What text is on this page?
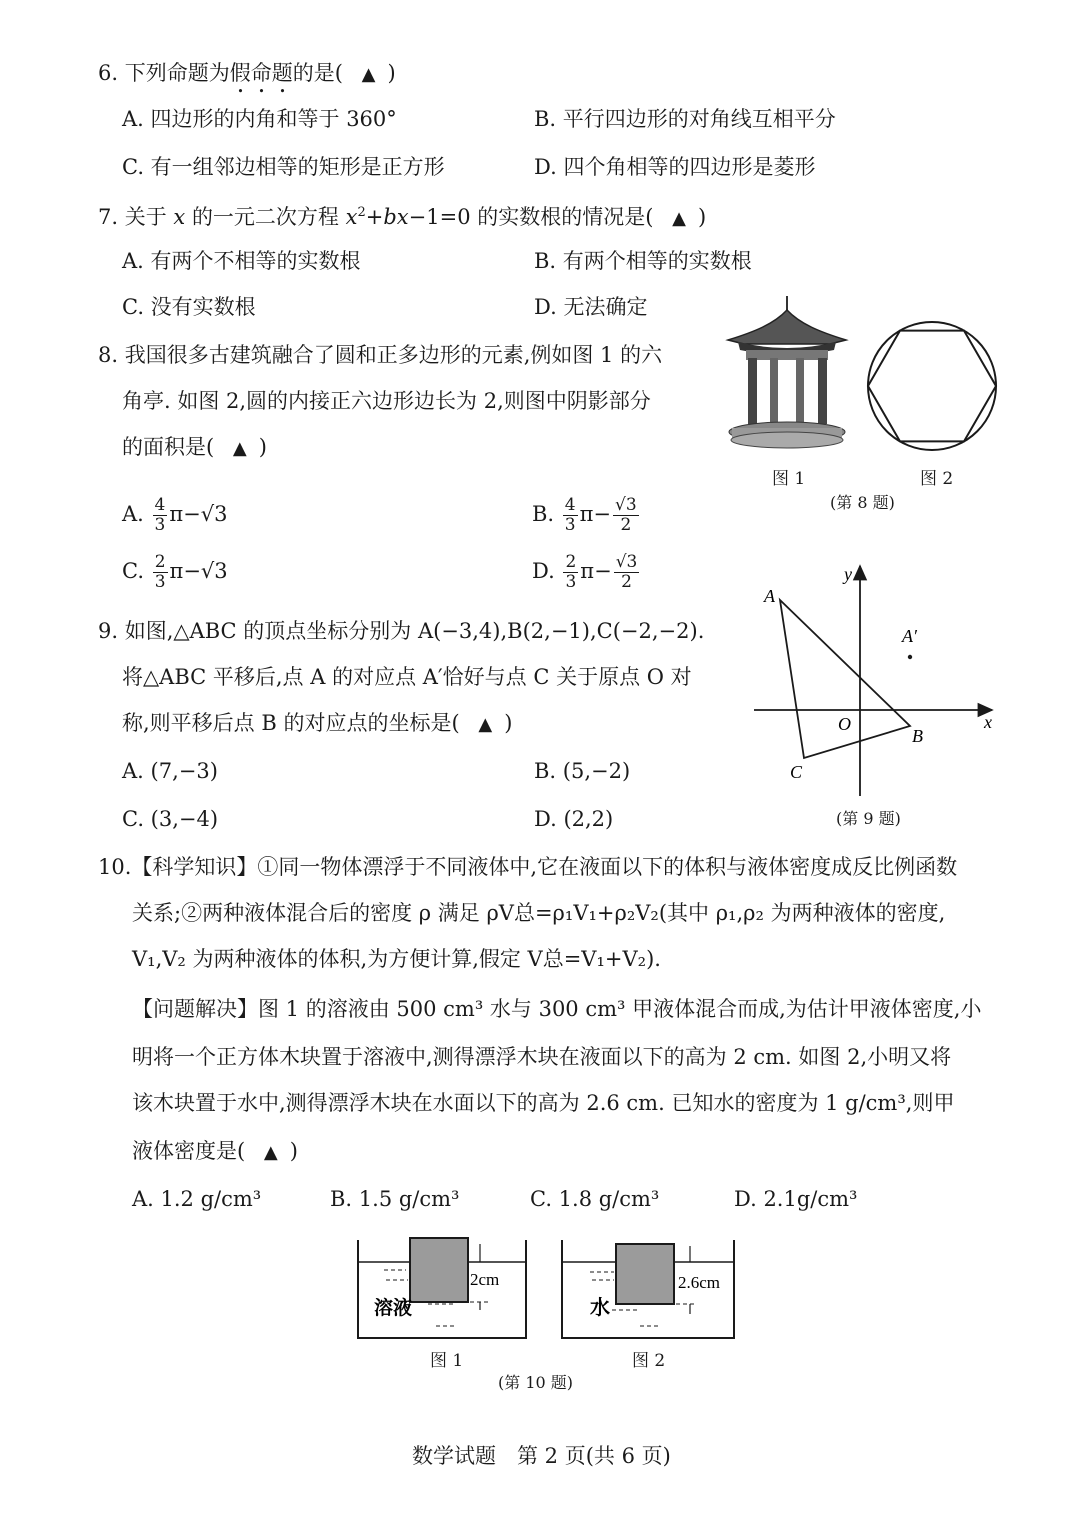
6. 下列命题为假命题的是( ▲ )
A. 四边形的内角和等于 360°	B. 平行四边形的对角线互相平分
C. 有一组邻边相等的矩形是正方形	D. 四个角相等的四边形是菱形
7. 关于 x 的一元二次方程 $x^2+bx-1=0$ 的实数根的情况是( ▲ )
A. 有两个不相等的实数根	B. 有两个相等的实数根
C. 没有实数根	D. 无法确定
8. 我国很多古建筑融合了圆和正多边形的元素,例如图 1 的六
角亭. 如图 2,圆的内接正六边形边长为 2,则图中阴影部分
的面积是( ▲ )
A. $\frac{4}{3} \pi-√3$	B. $\frac{4}{3} \pi- \frac{√3}{2}$
C. $\frac{2}{3} \pi-√3$	D. $\frac{2}{3} \pi- \frac{√3}{2}$
图 1	图 2
(第 8 题)
9. 如图,△ABC 的顶点坐标分别为 A(−3,4),B(2,−1),C(−2,−2).
将△ABC 平移后,点 A 的对应点 A′恰好与点 C 关于原点 O 对
称,则平移后点 B 的对应点的坐标是( ▲ )
A. (7,−3)	B. (5,−2)
C. (3,−4)	D. (2,2)
y
x
O
A
B
C
A′
(第 9 题)
10.【科学知识】①同一物体漂浮于不同液体中,它在液面以下的体积与液体密度成反比例函数
关系;②两种液体混合后的密度 ρ 满足 ρV总=ρ₁V₁+ρ₂V₂(其中 ρ₁,ρ₂ 为两种液体的密度,
V₁,V₂ 为两种液体的体积,为方便计算,假定 V总=V₁+V₂).
【问题解决】图 1 的溶液由 500 cm³ 水与 300 cm³ 甲液体混合而成,为估计甲液体密度,小
明将一个正方体木块置于溶液中,测得漂浮木块在液面以下的高为 2 cm. 如图 2,小明又将
该木块置于水中,测得漂浮木块在水面以下的高为 2.6 cm. 已知水的密度为 1 g/cm³,则甲
液体密度是( ▲ )
A. 1.2 g/cm³	B. 1.5 g/cm³	C. 1.8 g/cm³	D. 2.1g/cm³
2cm
溶液
2.6cm
水
图 1	图 2
(第 10 题)
数学试题　第 2 页(共 6 页)
